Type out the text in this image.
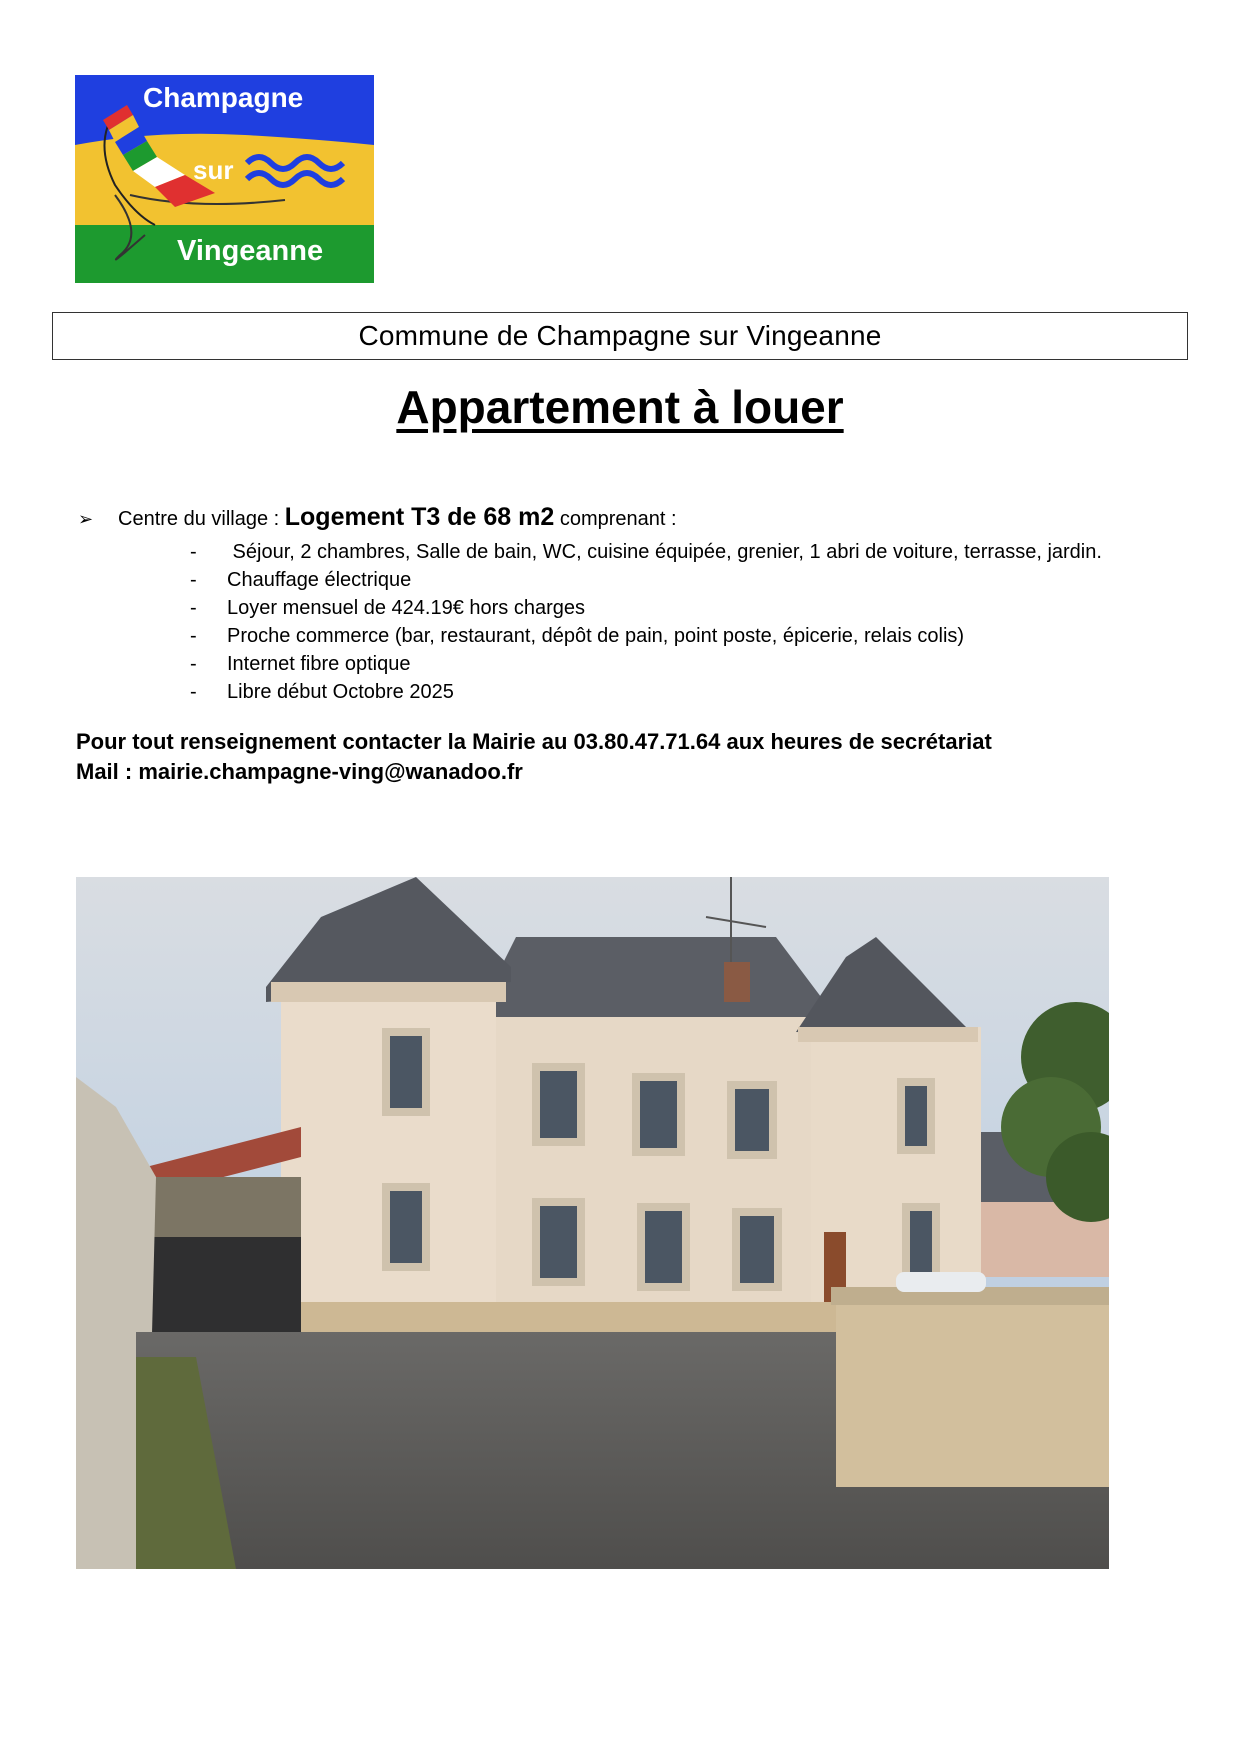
Champagne
sur
Vingeanne
Commune de Champagne sur Vingeanne
Appartement à louer
➢ Centre du village : Logement T3 de 68 m2 comprenant :
- Séjour, 2 chambres, Salle de bain, WC, cuisine équipée, grenier, 1 abri de voiture, terrasse, jardin.
- Chauffage électrique
- Loyer mensuel de 424.19€ hors charges
- Proche commerce (bar, restaurant, dépôt de pain, point poste, épicerie, relais colis)
- Internet fibre optique
- Libre début Octobre 2025
Pour tout renseignement contacter la Mairie au 03.80.47.71.64 aux heures de secrétariat
Mail : mairie.champagne-ving@wanadoo.fr
